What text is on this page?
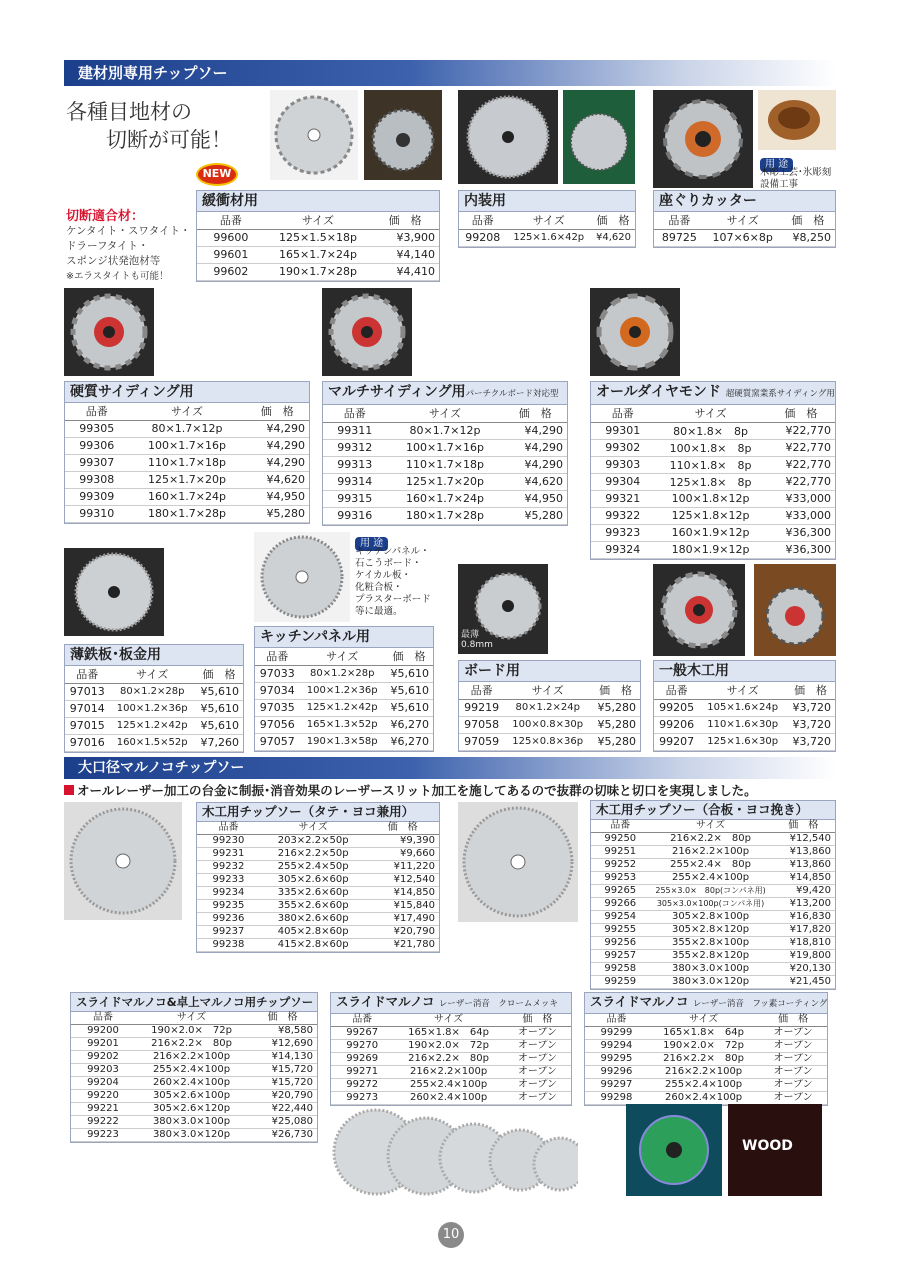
建材別専用チップソー
各種目地材の
切断が可能！
NEW
切断適合材：
ケンタイト・スワタイト・
ドラーフタイト・
スポンジ状発泡材等
※エラスタイトも可能！
用 途
木彫工芸･氷彫刻
設備工事
緩衝材用
品番	サイズ	価　格
99600	125×1.5×18p	¥3,900
99601	165×1.7×24p	¥4,140
99602	190×1.7×28p	¥4,410
内装用
品番	サイズ	価　格
99208	125×1.6×42p	¥4,620
座ぐりカッター
品番	サイズ	価　格
89725	107×6×8p	¥8,250
硬質サイディング用
品番	サイズ	価　格
99305	80×1.7×12p	¥4,290
99306	100×1.7×16p	¥4,290
99307	110×1.7×18p	¥4,290
99308	125×1.7×20p	¥4,620
99309	160×1.7×24p	¥4,950
99310	180×1.7×28p	¥5,280
マルチサイディング用パーチクルボード対応型
品番	サイズ	価　格
99311	80×1.7×12p	¥4,290
99312	100×1.7×16p	¥4,290
99313	110×1.7×18p	¥4,290
99314	125×1.7×20p	¥4,620
99315	160×1.7×24p	¥4,950
99316	180×1.7×28p	¥5,280
オールダイヤモンド 超硬質窯業系サイディング用
品番	サイズ	価　格
99301	80×1.8×　8p	¥22,770
99302	100×1.8×　8p	¥22,770
99303	110×1.8×　8p	¥22,770
99304	125×1.8×　8p	¥22,770
99321	100×1.8×12p	¥33,000
99322	125×1.8×12p	¥33,000
99323	160×1.9×12p	¥36,300
99324	180×1.9×12p	¥36,300
用 途
キッチンパネル・
石こうボード・
ケイカル板・
化粧合板・
プラスターボード
等に最適。
最薄
0.8mm
薄鉄板･板金用
品番	サイズ	価　格
97013	80×1.2×28p	¥5,610
97014	100×1.2×36p	¥5,610
97015	125×1.2×42p	¥5,610
97016	160×1.5×52p	¥7,260
キッチンパネル用
品番	サイズ	価　格
97033	80×1.2×28p	¥5,610
97034	100×1.2×36p	¥5,610
97035	125×1.2×42p	¥5,610
97056	165×1.3×52p	¥6,270
97057	190×1.3×58p	¥6,270
ボード用
品番	サイズ	価　格
99219	80×1.2×24p	¥5,280
97058	100×0.8×30p	¥5,280
97059	125×0.8×36p	¥5,280
一般木工用
品番	サイズ	価　格
99205	105×1.6×24p	¥3,720
99206	110×1.6×30p	¥3,720
99207	125×1.6×30p	¥3,720
大口径マルノコチップソー
オールレーザー加工の台金に制振･消音効果のレーザースリット加工を施してあるので抜群の切味と切口を実現しました。
木工用チップソー（タテ・ヨコ兼用）
品番	サイズ	価　格
99230	203×2.2×50p	¥9,390
99231	216×2.2×50p	¥9,660
99232	255×2.4×50p	¥11,220
99233	305×2.6×60p	¥12,540
99234	335×2.6×60p	¥14,850
99235	355×2.6×60p	¥15,840
99236	380×2.6×60p	¥17,490
99237	405×2.8×60p	¥20,790
99238	415×2.8×60p	¥21,780
木工用チップソー（合板・ヨコ挽き）
品番	サイズ	価　格
99250	216×2.2×　80p	¥12,540
99251	216×2.2×100p	¥13,860
99252	255×2.4×　80p	¥13,860
99253	255×2.4×100p	¥14,850
99265	255×3.0×　80p(コンパネ用)	¥9,420
99266	305×3.0×100p(コンパネ用)	¥13,200
99254	305×2.8×100p	¥16,830
99255	305×2.8×120p	¥17,820
99256	355×2.8×100p	¥18,810
99257	355×2.8×120p	¥19,800
99258	380×3.0×100p	¥20,130
99259	380×3.0×120p	¥21,450
スライドマルノコ&卓上マルノコ用チップソー
品番	サイズ	価　格
99200	190×2.0×　72p	¥8,580
99201	216×2.2×　80p	¥12,690
99202	216×2.2×100p	¥14,130
99203	255×2.4×100p	¥15,720
99204	260×2.4×100p	¥15,720
99220	305×2.6×100p	¥20,790
99221	305×2.6×120p	¥22,440
99222	380×3.0×100p	¥25,080
99223	380×3.0×120p	¥26,730
スライドマルノコ レーザー消音　クロームメッキ
品番	サイズ	価　格
99267	165×1.8×　64p	オープン
99270	190×2.0×　72p	オープン
99269	216×2.2×　80p	オープン
99271	216×2.2×100p	オープン
99272	255×2.4×100p	オープン
99273	260×2.4×100p	オープン
スライドマルノコ レーザー消音　フッ素コーティング
品番	サイズ	価　格
99299	165×1.8×　64p	オープン
99294	190×2.0×　72p	オープン
99295	216×2.2×　80p	オープン
99296	216×2.2×100p	オープン
99297	255×2.4×100p	オープン
99298	260×2.4×100p	オープン
WOOD
10
